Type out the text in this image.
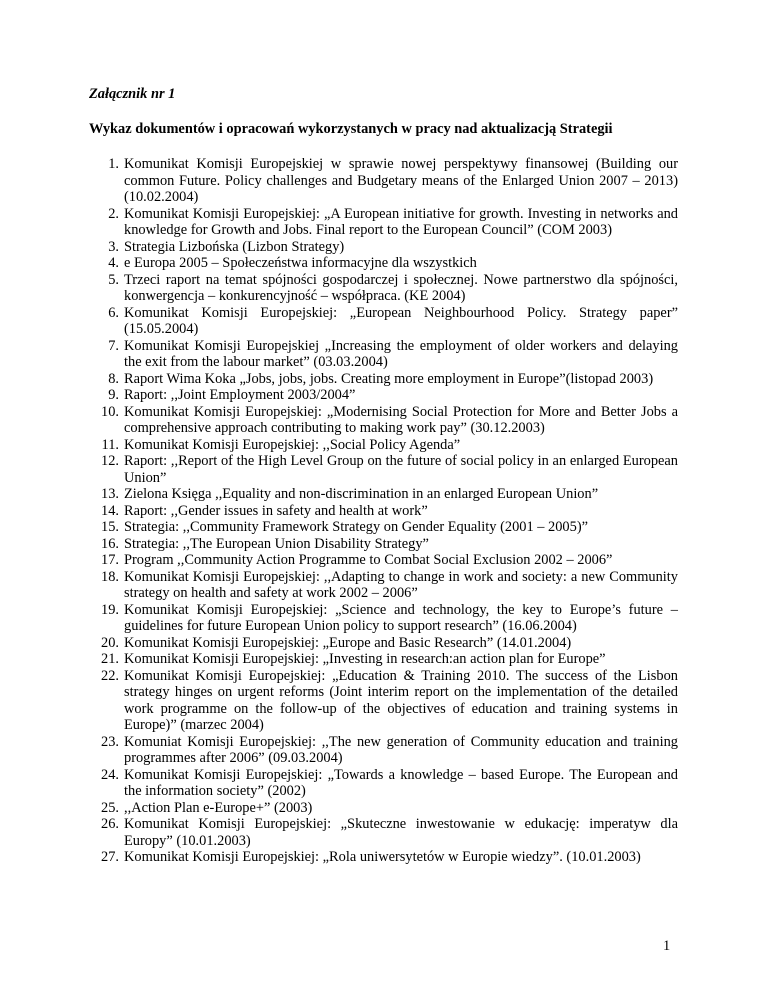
Załącznik nr 1
Wykaz dokumentów i opracowań wykorzystanych w pracy nad aktualizacją Strategii
1. Komunikat Komisji Europejskiej w sprawie nowej perspektywy finansowej (Building our common Future. Policy challenges and Budgetary means of the Enlarged Union 2007 – 2013) (10.02.2004)
2. Komunikat Komisji Europejskiej: „A European initiative for growth. Investing in networks and knowledge for Growth and Jobs. Final report to the European Council” (COM 2003)
3. Strategia Lizbońska (Lizbon Strategy)
4. e Europa 2005 – Społeczeństwa informacyjne dla wszystkich
5. Trzeci raport na temat spójności gospodarczej i społecznej. Nowe partnerstwo dla spójności, konwergencja – konkurencyjność – współpraca. (KE 2004)
6. Komunikat Komisji Europejskiej: „European Neighbourhood Policy. Strategy paper” (15.05.2004)
7. Komunikat Komisji Europejskiej „Increasing the employment of older workers and delaying the exit from the labour market” (03.03.2004)
8. Raport Wima Koka „Jobs, jobs, jobs. Creating more employment in Europe”(listopad 2003)
9. Raport: ,,Joint Employment 2003/2004”
10. Komunikat Komisji Europejskiej: „Modernising Social Protection for More and Better Jobs a comprehensive approach contributing to making work pay” (30.12.2003)
11. Komunikat Komisji Europejskiej: ,,Social Policy Agenda”
12. Raport: ,,Report of the High Level Group on the future of social policy in an enlarged European Union”
13. Zielona Księga ,,Equality and non-discrimination in an enlarged European Union”
14. Raport: ,,Gender issues in safety and health at work”
15. Strategia: ,,Community Framework Strategy on Gender Equality (2001 – 2005)”
16. Strategia: ,,The European Union Disability Strategy”
17. Program ,,Community Action Programme to Combat Social Exclusion 2002 – 2006”
18. Komunikat Komisji Europejskiej: ,,Adapting to change in work and society: a new Community strategy on health and safety at work 2002 – 2006”
19. Komunikat Komisji Europejskiej: „Science and technology, the key to Europe’s future – guidelines for future European Union policy to support research” (16.06.2004)
20. Komunikat Komisji Europejskiej: „Europe and Basic Research” (14.01.2004)
21. Komunikat Komisji Europejskiej: „Investing in research:an action plan for Europe”
22. Komunikat Komisji Europejskiej: „Education & Training 2010. The success of the Lisbon strategy hinges on urgent reforms (Joint interim report on the implementation of the detailed work programme on the follow-up of the objectives of education and training systems in Europe)” (marzec 2004)
23. Komuniat Komisji Europejskiej: ,,The new generation of Community education and training programmes after 2006” (09.03.2004)
24. Komunikat Komisji Europejskiej: „Towards a knowledge – based Europe. The European and the information society” (2002)
25. ,,Action Plan e-Europe+” (2003)
26. Komunikat Komisji Europejskiej: „Skuteczne inwestowanie w edukację: imperatyw dla Europy” (10.01.2003)
27. Komunikat Komisji Europejskiej: „Rola uniwersytetów w Europie wiedzy”. (10.01.2003)
1
